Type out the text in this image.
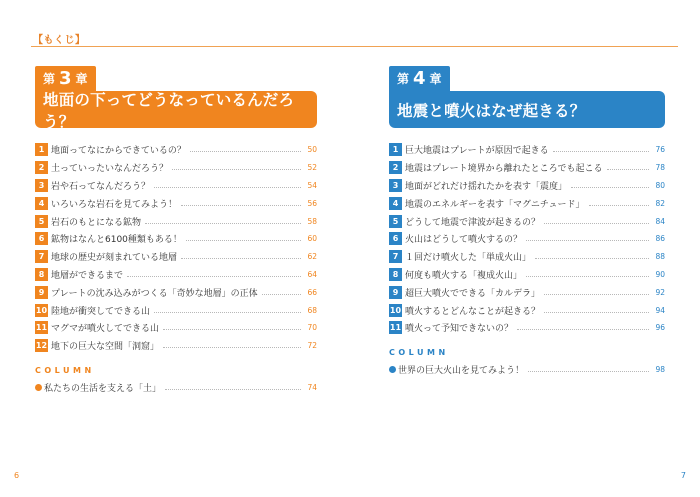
【もくじ】
第 3 章
地面の下ってどうなっているんだろう？
1 地面ってなにからできているの？	50
2 土っていったいなんだろう？	52
3 岩や石ってなんだろう？	54
4 いろいろな岩石を見てみよう！	56
5 岩石のもとになる鉱物	58
6 鉱物はなんと6100種類もある！	60
7 地球の歴史が刻まれている地層	62
8 地層ができるまで	64
9 プレートの沈み込みがつくる「奇妙な地層」の正体	66
10 陸地が衝突してできる山	68
11 マグマが噴火してできる山	70
12 地下の巨大な空間「洞窟」	72
COLUMN
私たちの生活を支える「土」	74
第 4 章
地震と噴火はなぜ起きる？
1 巨大地震はプレートが原因で起きる	76
2 地震はプレート境界から離れたところでも起こる	78
3 地面がどれだけ揺れたかを表す「震度」	80
4 地震のエネルギーを表す「マグニチュード」	82
5 どうして地震で津波が起きるの？	84
6 火山はどうして噴火するの？	86
7 １回だけ噴火した「単成火山」	88
8 何度も噴火する「複成火山」	90
9 超巨大噴火でできる「カルデラ」	92
10 噴火するとどんなことが起きる？	94
11 噴火って予知できないの？	96
COLUMN
世界の巨大火山を見てみよう！	98
6	7
